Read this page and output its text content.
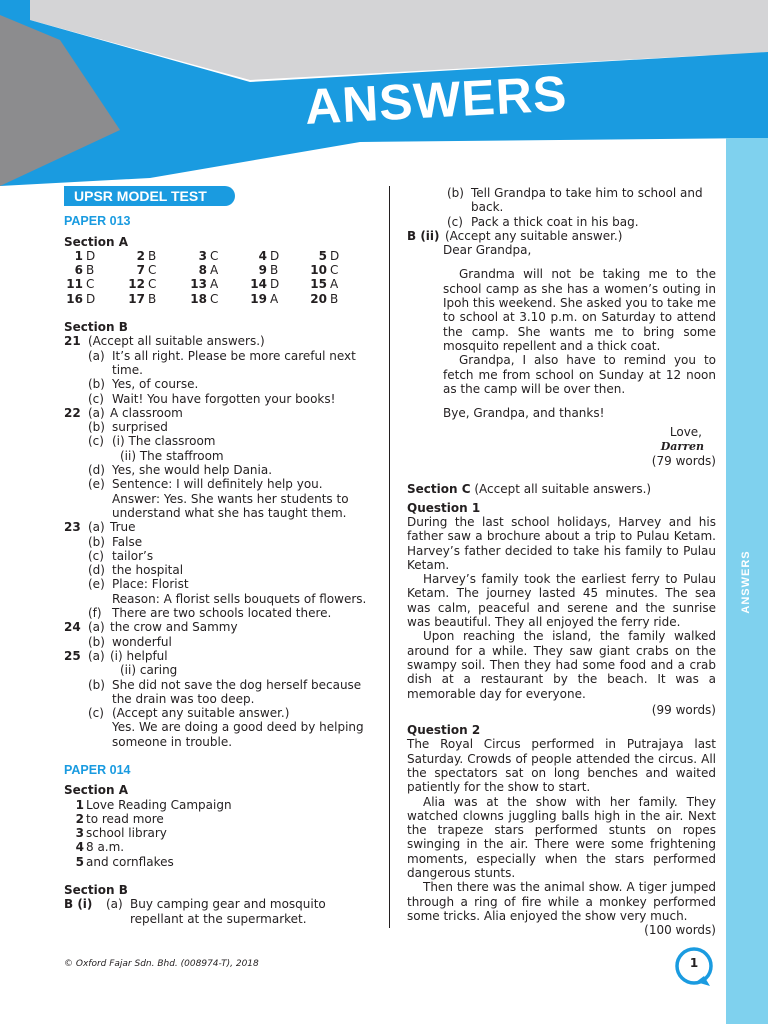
ANSWERS
ANSWERS
UPSR MODEL TEST
PAPER 013
Section A
1 D	2 B	3 C	4 D	5 D
6 B	7 C	8 A	9 B	10 C
11 C	12 C	13 A	14 D	15 A
16 D	17 B	18 C	19 A	20 B
Section B
21 (Accept all suitable answers.)
(a) It’s all right. Please be more careful next time.
(b) Yes, of course.
(c) Wait! You have forgotten your books!
22 (a) A classroom
(b) surprised
(c) (i) The classroom
(ii) The staffroom
(d) Yes, she would help Dania.
(e) Sentence: I will definitely help you.
Answer: Yes. She wants her students to understand what she has taught them.
23 (a) True
(b) False
(c) tailor’s
(d) the hospital
(e) Place: Florist
Reason: A florist sells bouquets of flowers.
(f) There are two schools located there.
24 (a) the crow and Sammy
(b) wonderful
25 (a) (i) helpful
(ii) caring
(b) She did not save the dog herself because the drain was too deep.
(c) (Accept any suitable answer.)
Yes. We are doing a good deed by helping someone in trouble.
PAPER 014
Section A
1 Love Reading Campaign
2 to read more
3 school library
4 8 a.m.
5 and cornflakes
Section B
B (i)	(a) Buy camping gear and mosquito repellant at the supermarket.
(b) Tell Grandpa to take him to school and back.
(c) Pack a thick coat in his bag.
B (ii) (Accept any suitable answer.)
Dear Grandpa,
Grandma will not be taking me to the school camp as she has a women’s outing in Ipoh this weekend. She asked you to take me to school at 3.10 p.m. on Saturday to attend the camp. She wants me to bring some mosquito repellent and a thick coat.
Grandpa, I also have to remind you to fetch me from school on Sunday at 12 noon as the camp will be over then.
Bye, Grandpa, and thanks!
Love,
Darren
(79 words)
Section C (Accept all suitable answers.)
Question 1
During the last school holidays, Harvey and his father saw a brochure about a trip to Pulau Ketam. Harvey’s father decided to take his family to Pulau Ketam.
Harvey’s family took the earliest ferry to Pulau Ketam. The journey lasted 45 minutes. The sea was calm, peaceful and serene and the sunrise was beautiful. They all enjoyed the ferry ride.
Upon reaching the island, the family walked around for a while. They saw giant crabs on the swampy soil. Then they had some food and a crab dish at a restaurant by the beach. It was a memorable day for everyone.
(99 words)
Question 2
The Royal Circus performed in Putrajaya last Saturday. Crowds of people attended the circus. All the spectators sat on long benches and waited patiently for the show to start.
Alia was at the show with her family. They watched clowns juggling balls high in the air. Next the trapeze stars performed stunts on ropes swinging in the air. There were some frightening moments, especially when the stars performed dangerous stunts.
Then there was the animal show. A tiger jumped through a ring of fire while a monkey performed some tricks. Alia enjoyed the show very much.
(100 words)
© Oxford Fajar Sdn. Bhd. (008974-T), 2018	1
